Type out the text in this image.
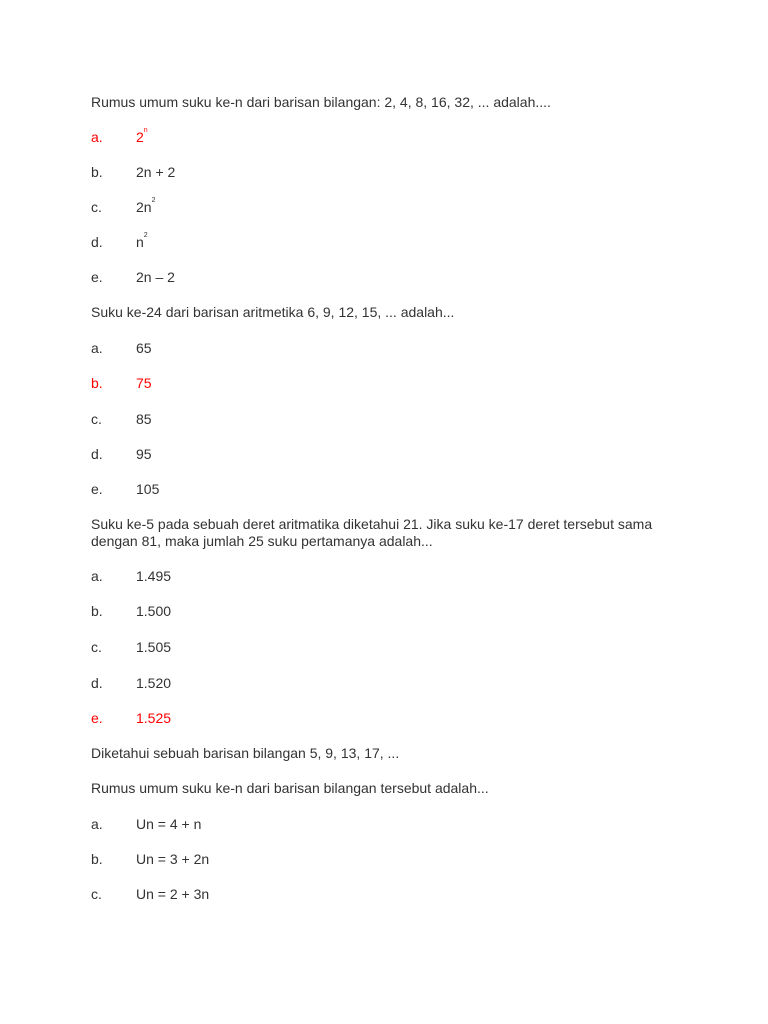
Rumus umum suku ke-n dari barisan bilangan: 2, 4, 8, 16, 32, ... adalah....

a. 2$^n$
b. 2n + 2
c. $2n^2$
d. $n^2$
e. 2n – 2

Suku ke-24 dari barisan aritmetika 6, 9, 12, 15, ... adalah...

a. 65
b. 75
c. 85
d. 95
e. 105

Suku ke-5 pada sebuah deret aritmatika diketahui 21. Jika suku ke-17 deret tersebut sama dengan 81, maka jumlah 25 suku pertamanya adalah...

a. 1.495
b. 1.500
c. 1.505
d. 1.520
e. 1.525

Diketahui sebuah barisan bilangan 5, 9, 13, 17, ...

Rumus umum suku ke-n dari barisan bilangan tersebut adalah...

a. Un = 4 + n
b. Un = 3 + 2n
c. Un = 2 + 3n
